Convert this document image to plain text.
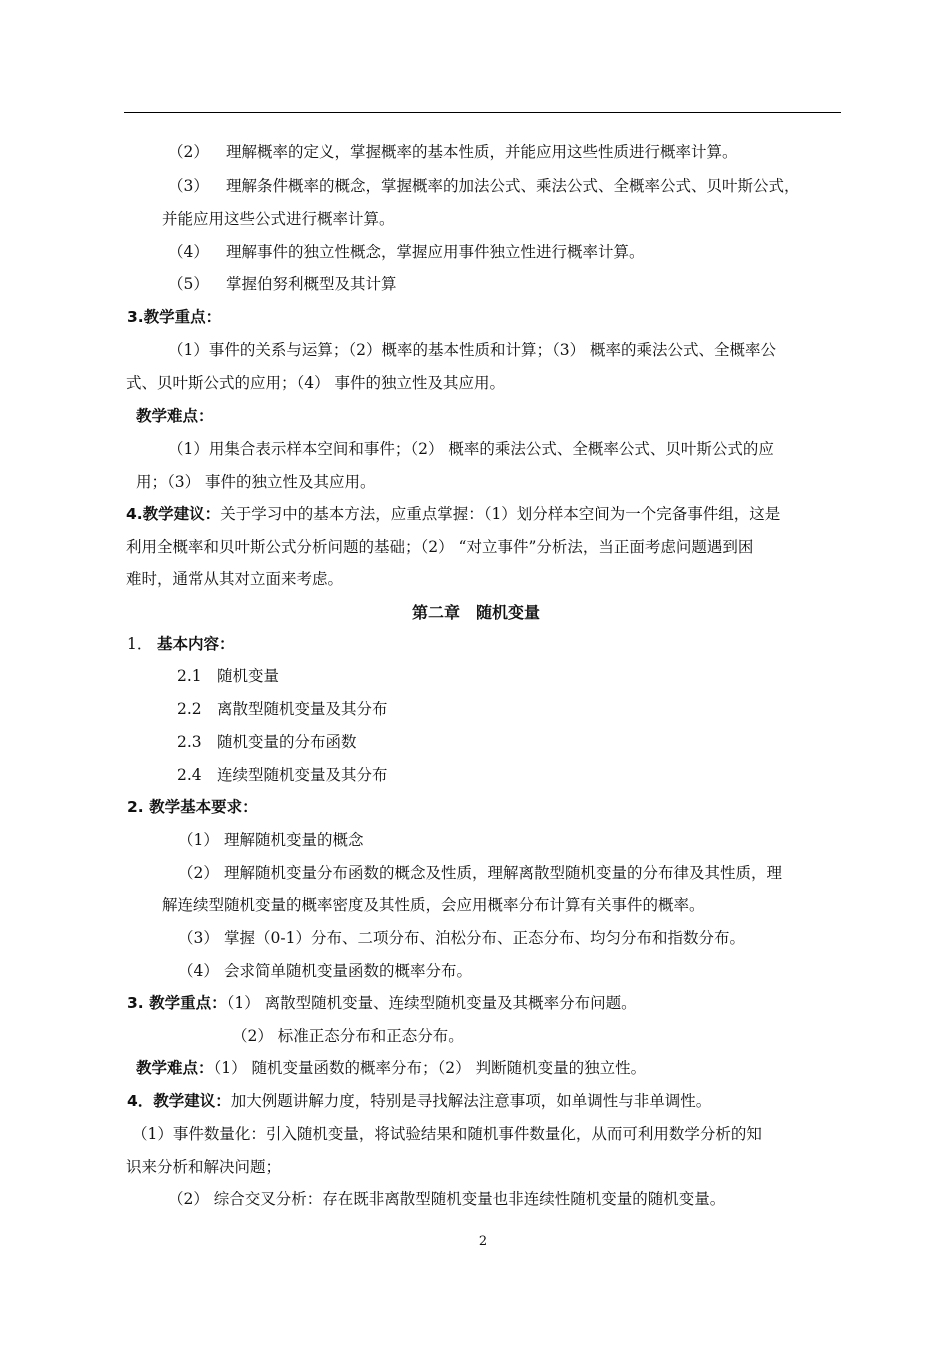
（2） 理解概率的定义，掌握概率的基本性质，并能应用这些性质进行概率计算。
（3） 理解条件概率的概念，掌握概率的加法公式、乘法公式、全概率公式、贝叶斯公式，
并能应用这些公式进行概率计算。
（4） 理解事件的独立性概念，掌握应用事件独立性进行概率计算。
（5） 掌握伯努利概型及其计算
3.教学重点：
（1）事件的关系与运算；（2）概率的基本性质和计算；（3） 概率的乘法公式、全概率公
式、贝叶斯公式的应用；（4） 事件的独立性及其应用。
教学难点：
（1）用集合表示样本空间和事件；（2） 概率的乘法公式、全概率公式、贝叶斯公式的应
用；（3） 事件的独立性及其应用。
4.教学建议：关于学习中的基本方法，应重点掌握：（1）划分样本空间为一个完备事件组，这是
利用全概率和贝叶斯公式分析问题的基础；（2） “对立事件”分析法，当正面考虑问题遇到困
难时，通常从其对立面来考虑。
第二章　随机变量
1． 基本内容：
2.1 随机变量
2.2 离散型随机变量及其分布
2.3 随机变量的分布函数
2.4 连续型随机变量及其分布
2. 教学基本要求：
（1） 理解随机变量的概念
（2） 理解随机变量分布函数的概念及性质，理解离散型随机变量的分布律及其性质，理
解连续型随机变量的概率密度及其性质，会应用概率分布计算有关事件的概率。
（3） 掌握（0-1）分布、二项分布、泊松分布、正态分布、均匀分布和指数分布。
（4） 会求简单随机变量函数的概率分布。
3. 教学重点：（1） 离散型随机变量、连续型随机变量及其概率分布问题。
（2） 标准正态分布和正态分布。
教学难点：（1） 随机变量函数的概率分布；（2） 判断随机变量的独立性。
4．教学建议：加大例题讲解力度，特别是寻找解法注意事项，如单调性与非单调性。
（1）事件数量化：引入随机变量，将试验结果和随机事件数量化，从而可利用数学分析的知
识来分析和解决问题；
（2） 综合交叉分析：存在既非离散型随机变量也非连续性随机变量的随机变量。
2
